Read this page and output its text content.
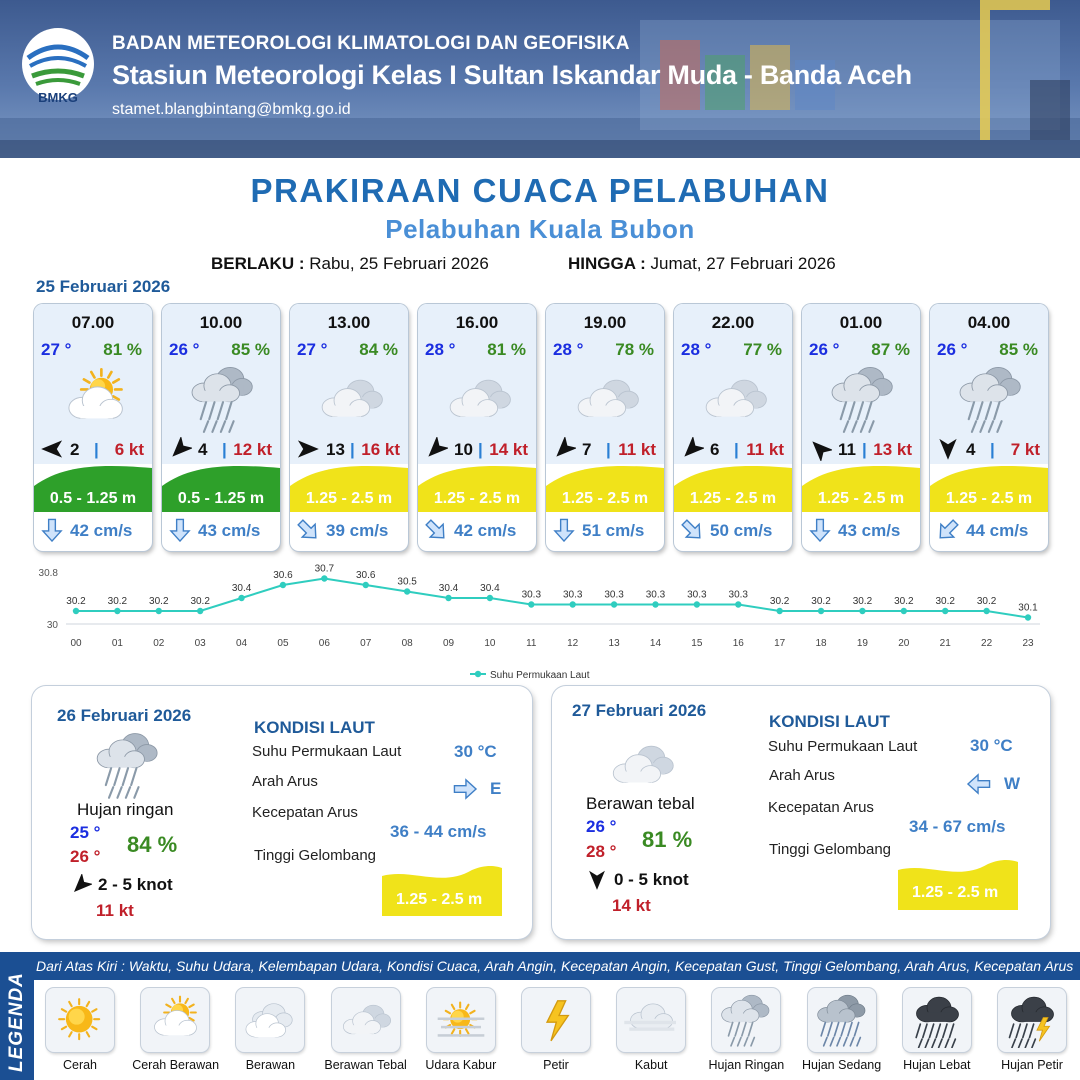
BMKG
BADAN METEOROLOGI KLIMATOLOGI DAN GEOFISIKA
Stasiun Meteorologi Kelas I Sultan Iskandar Muda - Banda Aceh
stamet.blangbintang@bmkg.go.id
PRAKIRAAN CUACA PELABUHAN
Pelabuhan Kuala Bubon
BERLAKU : Rabu, 25 Februari 2026	HINGGA : Jumat, 27 Februari 2026
25 Februari 2026
07.00
27 ° 81 %
2 | 6 kt
0.5 - 1.25 m
42 cm/s
10.00
26 ° 85 %
4 | 12 kt
0.5 - 1.25 m
43 cm/s
13.00
27 ° 84 %
13 | 16 kt
1.25 - 2.5 m
39 cm/s
16.00
28 ° 81 %
10 | 14 kt
1.25 - 2.5 m
42 cm/s
19.00
28 ° 78 %
7 | 11 kt
1.25 - 2.5 m
51 cm/s
22.00
28 ° 77 %
6 | 11 kt
1.25 - 2.5 m
50 cm/s
01.00
26 ° 87 %
11 | 13 kt
1.25 - 2.5 m
43 cm/s
04.00
26 ° 85 %
4 | 7 kt
1.25 - 2.5 m
44 cm/s
30.8
30
30.2
00
30.2
01
30.2
02
30.2
03
30.4
04
30.6
05
30.7
06
30.6
07
30.5
08
30.4
09
30.4
10
30.3
11
30.3
12
30.3
13
30.3
14
30.3
15
30.3
16
30.2
17
30.2
18
30.2
19
30.2
20
30.2
21
30.2
22
30.1
23
Suhu Permukaan Laut
26 Februari 2026
Hujan ringan
25 °
26 ° 84 %
2 - 5 knot
11 kt
KONDISI LAUT
Suhu Permukaan Laut	30 °C
Arah Arus	E
Kecepatan Arus
36 - 44 cm/s
Tinggi Gelombang
1.25 - 2.5 m
27 Februari 2026
Berawan tebal
26 °
28 ° 81 %
0 - 5 knot
14 kt
KONDISI LAUT
Suhu Permukaan Laut	30 °C
Arah Arus	W
Kecepatan Arus
34 - 67 cm/s
Tinggi Gelombang
1.25 - 2.5 m
LEGENDA
Dari Atas Kiri : Waktu, Suhu Udara, Kelembapan Udara, Kondisi Cuaca, Arah Angin, Kecepatan Angin, Kecepatan Gust, Tinggi Gelombang, Arah Arus, Kecepatan Arus
Cerah	Cerah Berawan	Berawan	Berawan Tebal	Udara Kabur	Petir	Kabut	Hujan Ringan	Hujan Sedang	Hujan Lebat	Hujan Petir
